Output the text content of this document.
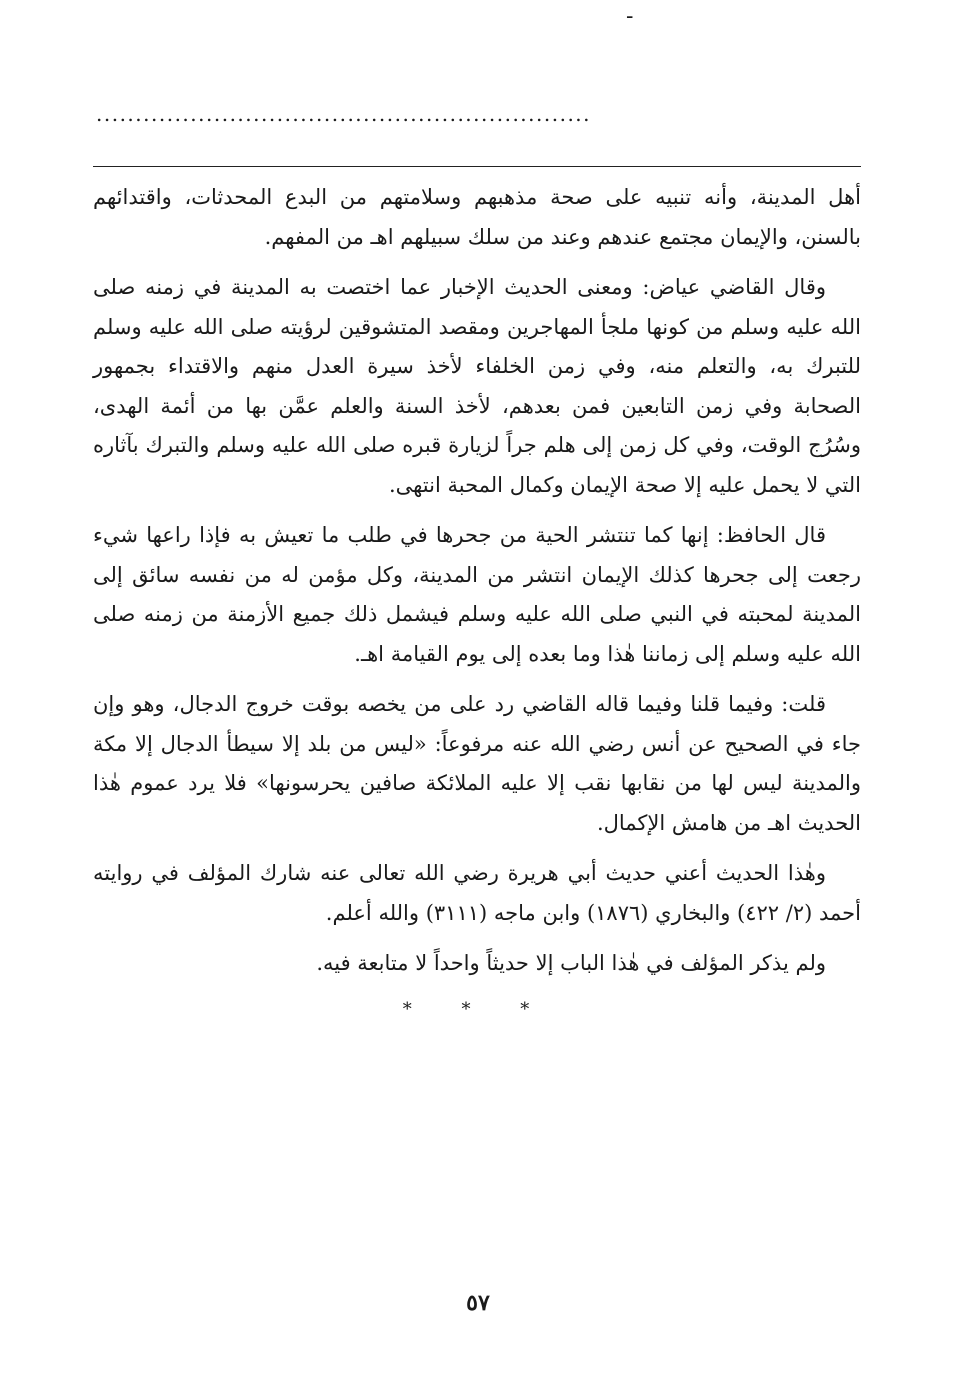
-
...............................................................

أهل المدينة، وأنه تنبيه على صحة مذهبهم وسلامتهم من البدع المحدثات، واقتدائهم بالسنن، والإيمان مجتمع عندهم وعند من سلك سبيلهم اهـ من المفهم.

وقال القاضي عياض: ومعنى الحديث الإخبار عما اختصت به المدينة في زمنه صلى الله عليه وسلم من كونها ملجأ المهاجرين ومقصد المتشوقين لرؤيته صلى الله عليه وسلم للتبرك به، والتعلم منه، وفي زمن الخلفاء لأخذ سيرة العدل منهم والاقتداء بجمهور الصحابة وفي زمن التابعين فمن بعدهم، لأخذ السنة والعلم عمَّن بها من أئمة الهدى، وسُرُج الوقت، وفي كل زمن إلى هلم جراً لزيارة قبره صلى الله عليه وسلم والتبرك بآثاره التي لا يحمل عليه إلا صحة الإيمان وكمال المحبة انتهى.

قال الحافظ: إنها كما تنتشر الحية من جحرها في طلب ما تعيش به فإذا راعها شيء رجعت إلى جحرها كذلك الإيمان انتشر من المدينة، وكل مؤمن له من نفسه سائق إلى المدينة لمحبته في النبي صلى الله عليه وسلم فيشمل ذلك جميع الأزمنة من زمنه صلى الله عليه وسلم إلى زماننا هٰذا وما بعده إلى يوم القيامة اهـ.

قلت: وفيما قلنا وفيما قاله القاضي رد على من يخصه بوقت خروج الدجال، وهو وإن جاء في الصحيح عن أنس رضي الله عنه مرفوعاً: «ليس من بلد إلا سيطأ الدجال إلا مكة والمدينة ليس لها من نقابها نقب إلا عليه الملائكة صافين يحرسونها» فلا يرد عموم هٰذا الحديث اهـ من هامش الإكمال.

وهٰذا الحديث أعني حديث أبي هريرة رضي الله تعالى عنه شارك المؤلف في روايته أحمد (٢/ ٤٢٢) والبخاري (١٨٧٦) وابن ماجه (٣١١١) والله أعلم.

ولم يذكر المؤلف في هٰذا الباب إلا حديثاً واحداً لا متابعة فيه.

* * *
٥٧
